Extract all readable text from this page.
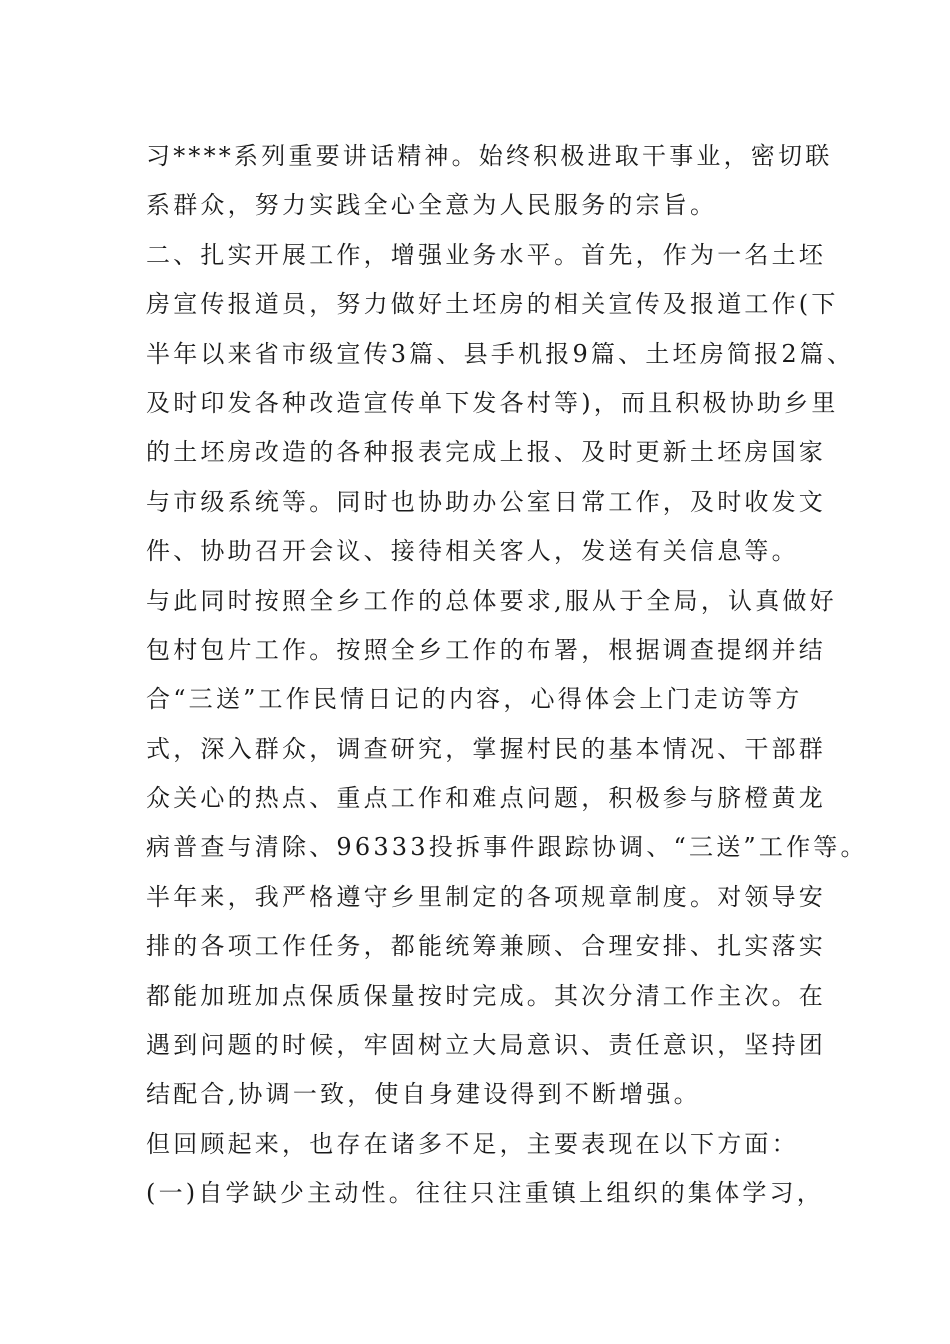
习****系列重要讲话精神。始终积极进取干事业，密切联
系群众，努力实践全心全意为人民服务的宗旨。
二、扎实开展工作，增强业务水平。首先，作为一名土坯
房宣传报道员，努力做好土坯房的相关宣传及报道工作(下
半年以来省市级宣传3篇、县手机报9篇、土坯房简报2篇、
及时印发各种改造宣传单下发各村等)，而且积极协助乡里
的土坯房改造的各种报表完成上报、及时更新土坯房国家
与市级系统等。同时也协助办公室日常工作，及时收发文
件、协助召开会议、接待相关客人，发送有关信息等。
与此同时按照全乡工作的总体要求,服从于全局，认真做好
包村包片工作。按照全乡工作的布署，根据调查提纲并结
合“三送”工作民情日记的内容，心得体会上门走访等方
式，深入群众，调查研究，掌握村民的基本情况、干部群
众关心的热点、重点工作和难点问题，积极参与脐橙黄龙
病普查与清除、96333投拆事件跟踪协调、“三送”工作等。
半年来，我严格遵守乡里制定的各项规章制度。对领导安
排的各项工作任务，都能统筹兼顾、合理安排、扎实落实
都能加班加点保质保量按时完成。其次分清工作主次。在
遇到问题的时候，牢固树立大局意识、责任意识，坚持团
结配合,协调一致，使自身建设得到不断增强。
但回顾起来，也存在诸多不足，主要表现在以下方面：
(一)自学缺少主动性。往往只注重镇上组织的集体学习，
